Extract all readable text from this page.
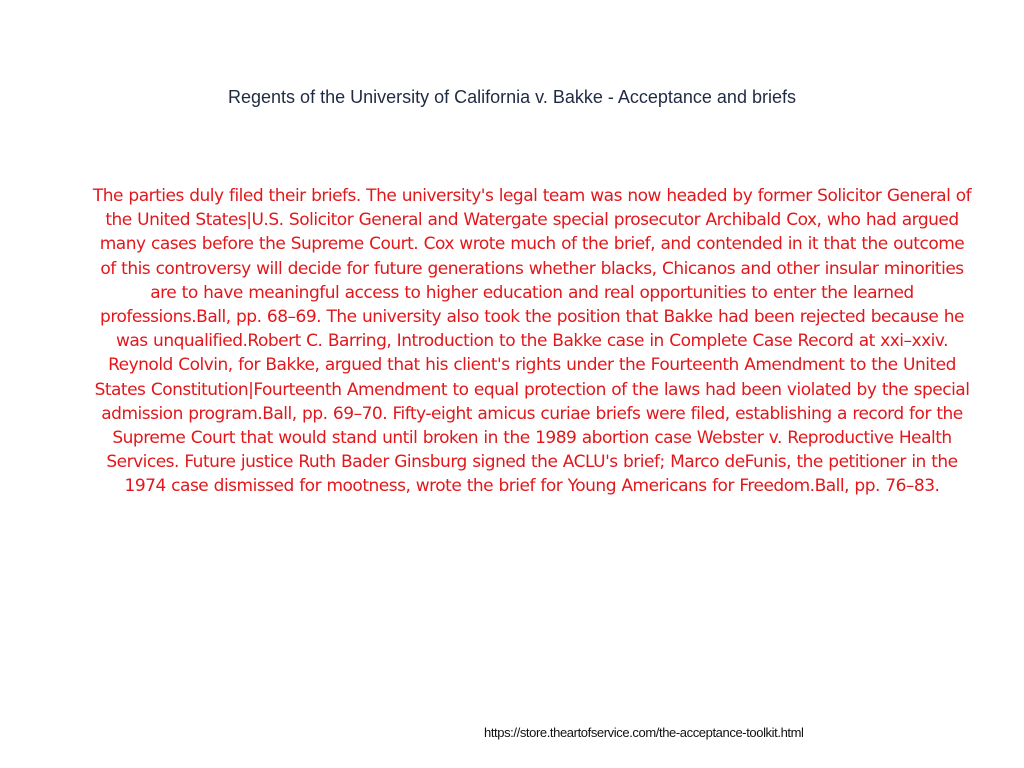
Regents of the University of California v. Bakke - Acceptance and briefs

The parties duly filed their briefs. The university's legal team was now headed by former Solicitor General of the United States|U.S. Solicitor General and Watergate special prosecutor Archibald Cox, who had argued many cases before the Supreme Court. Cox wrote much of the brief, and contended in it that the outcome of this controversy will decide for future generations whether blacks, Chicanos and other insular minorities are to have meaningful access to higher education and real opportunities to enter the learned professions.Ball, pp. 68–69. The university also took the position that Bakke had been rejected because he was unqualified.Robert C. Barring, Introduction to the Bakke case in Complete Case Record at xxi–xxiv. Reynold Colvin, for Bakke, argued that his client's rights under the Fourteenth Amendment to the United States Constitution|Fourteenth Amendment to equal protection of the laws had been violated by the special admission program.Ball, pp. 69–70. Fifty-eight amicus curiae briefs were filed, establishing a record for the Supreme Court that would stand until broken in the 1989 abortion case Webster v. Reproductive Health Services. Future justice Ruth Bader Ginsburg signed the ACLU's brief; Marco deFunis, the petitioner in the 1974 case dismissed for mootness, wrote the brief for Young Americans for Freedom.Ball, pp. 76–83.

https://store.theartofservice.com/the-acceptance-toolkit.html
